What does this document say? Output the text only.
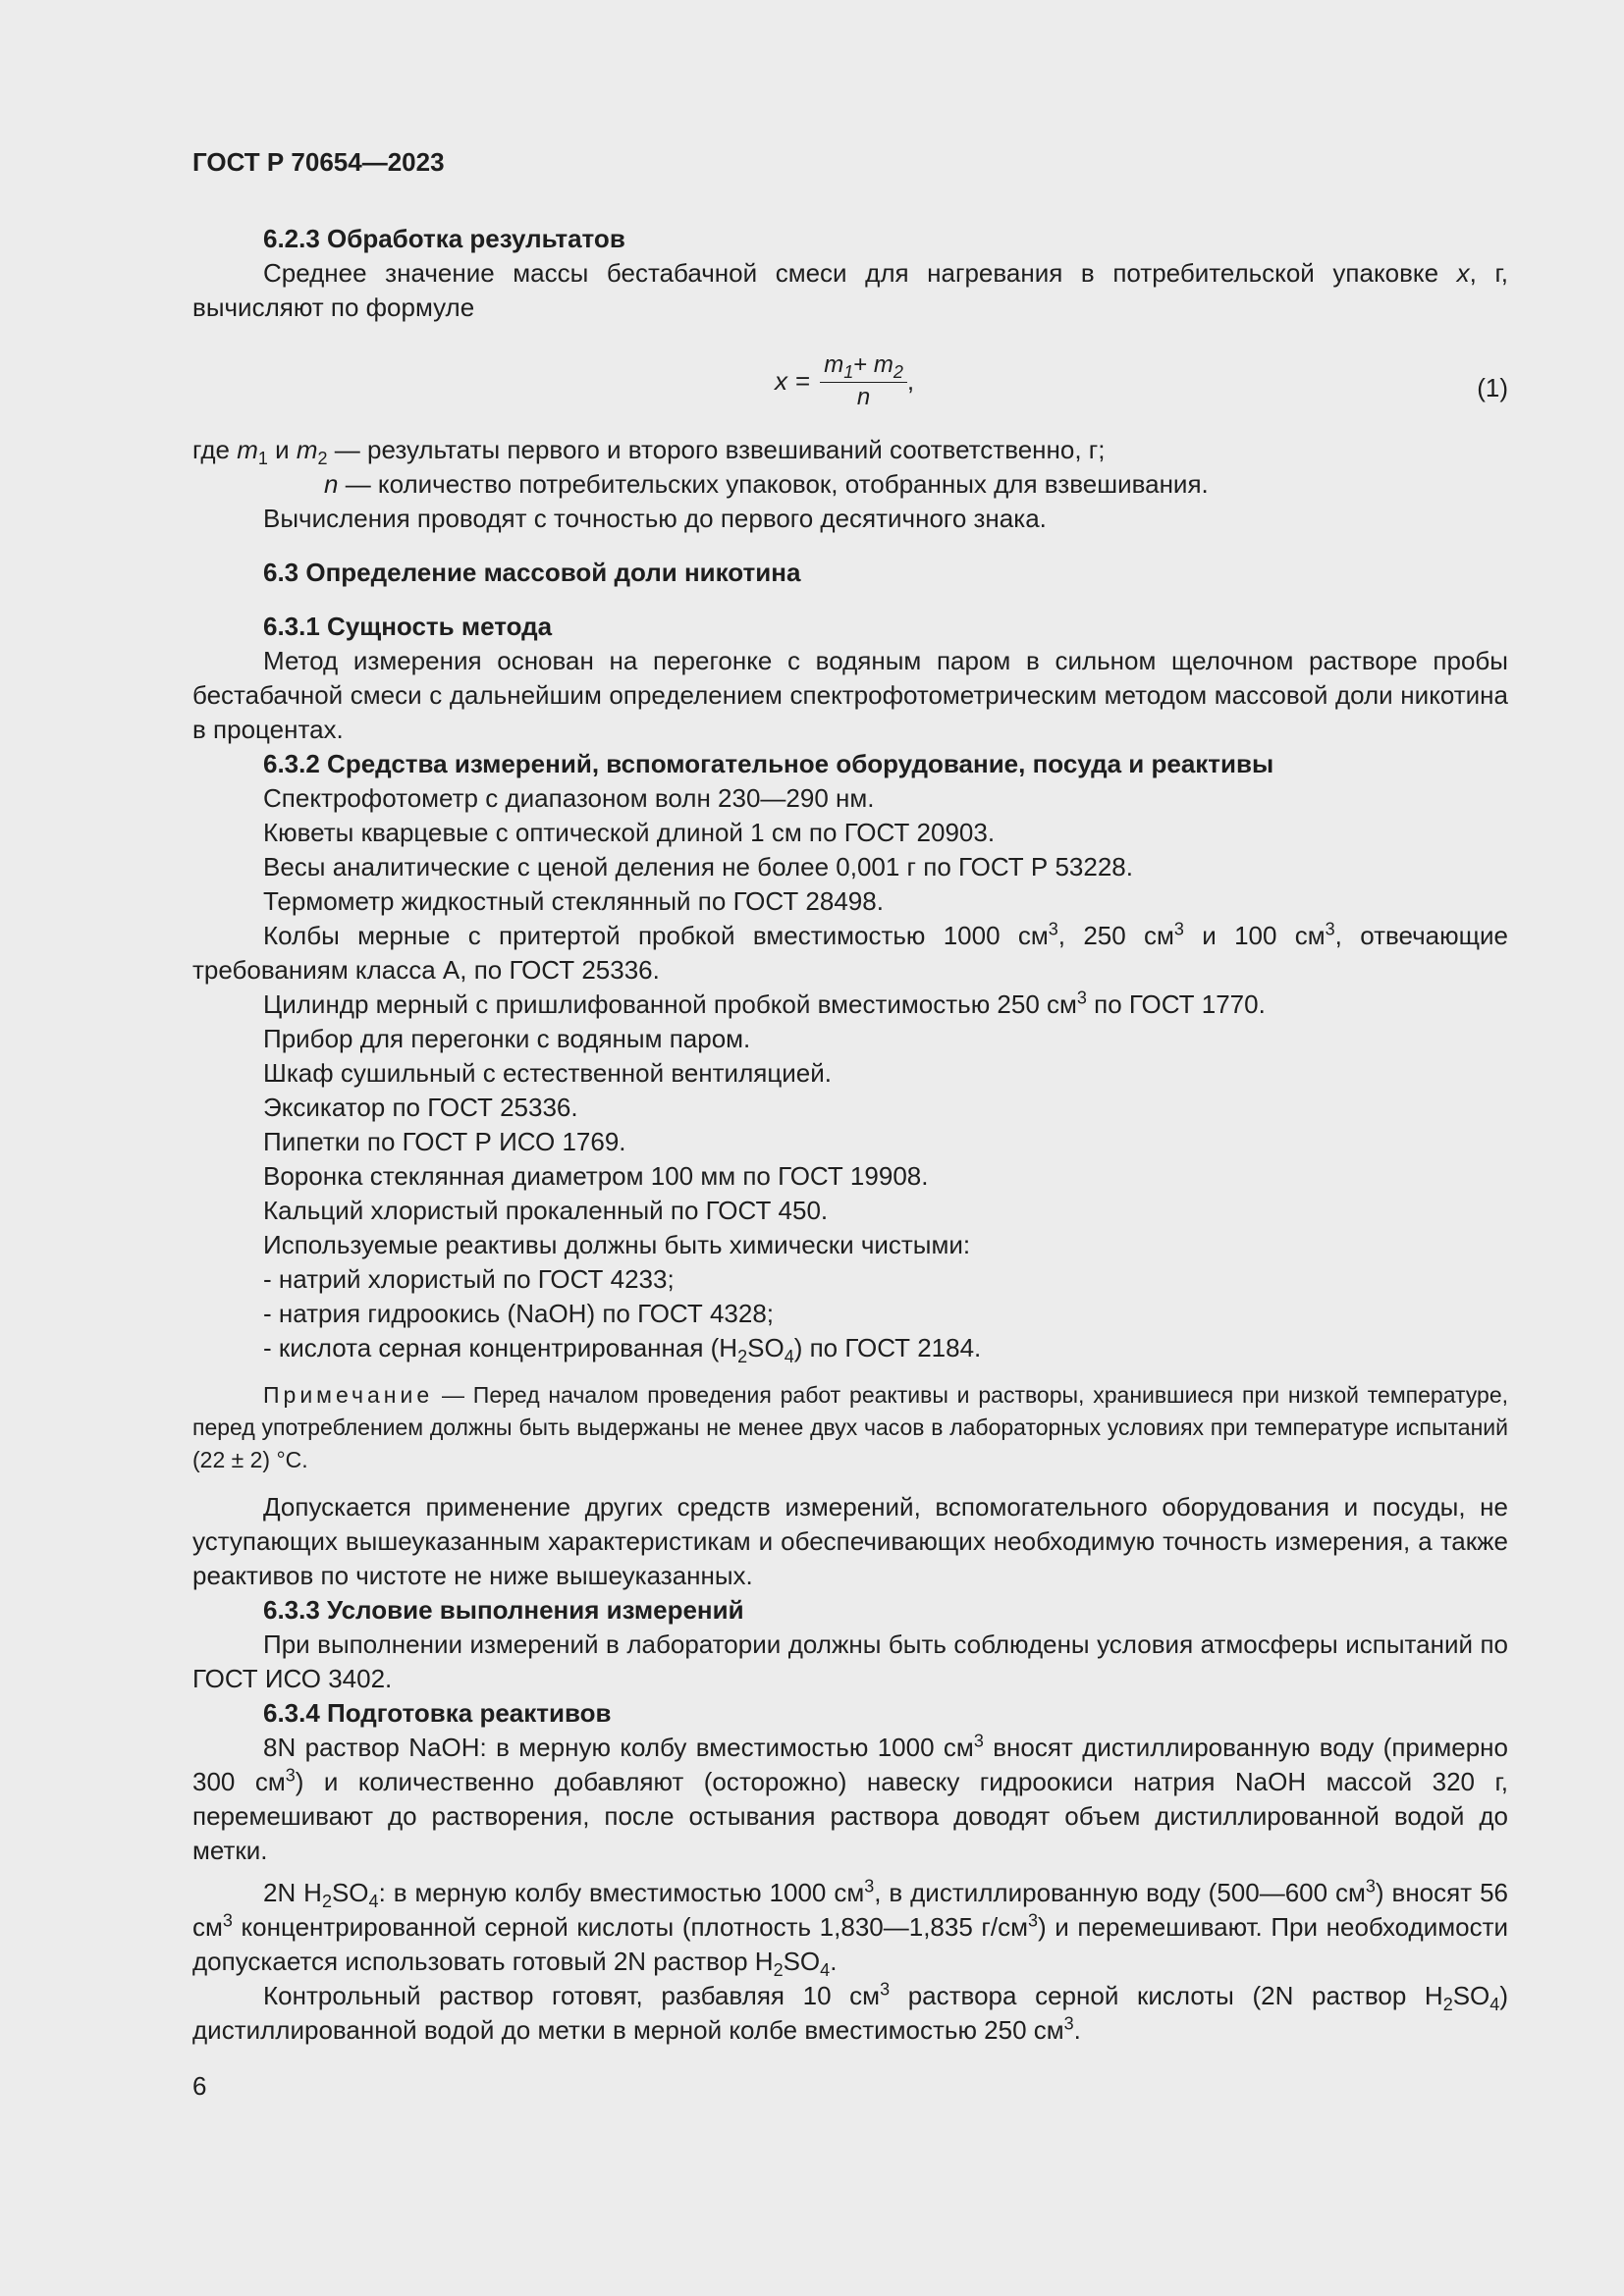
ГОСТ Р 70654—2023
6.2.3 Обработка результатов
Среднее значение массы бестабачной смеси для нагревания в потребительской упаковке x, г, вычисляют по формуле
$x = \frac{m_1+ m_2}{n}$ ,	(1)
где $m_1$ и $m_2$ — результаты первого и второго взвешиваний соответственно, г;
n — количество потребительских упаковок, отобранных для взвешивания.
Вычисления проводят с точностью до первого десятичного знака.
6.3 Определение массовой доли никотина
6.3.1 Сущность метода
Метод измерения основан на перегонке с водяным паром в сильном щелочном растворе пробы бестабачной смеси с дальнейшим определением спектрофотометрическим методом массовой доли никотина в процентах.
6.3.2 Средства измерений, вспомогательное оборудование, посуда и реактивы
Спектрофотометр с диапазоном волн 230—290 нм.
Кюветы кварцевые с оптической длиной 1 см по ГОСТ 20903.
Весы аналитические с ценой деления не более 0,001 г по ГОСТ Р 53228.
Термометр жидкостный стеклянный по ГОСТ 28498.
Колбы мерные с притертой пробкой вместимостью 1000 $см^3$, 250 $см^3$ и 100 $см^3$, отвечающие требованиям класса А, по ГОСТ 25336.
Цилиндр мерный с пришлифованной пробкой вместимостью 250 $см^3$ по ГОСТ 1770.
Прибор для перегонки с водяным паром.
Шкаф сушильный с естественной вентиляцией.
Эксикатор по ГОСТ 25336.
Пипетки по ГОСТ Р ИСО 1769.
Воронка стеклянная диаметром 100 мм по ГОСТ 19908.
Кальций хлористый прокаленный по ГОСТ 450.
Используемые реактивы должны быть химически чистыми:
- натрий хлористый по ГОСТ 4233;
- натрия гидроокись (NaOH) по ГОСТ 4328;
- кислота серная концентрированная $(H_2SO_4)$ по ГОСТ 2184.
Примечание — Перед началом проведения работ реактивы и растворы, хранившиеся при низкой температуре, перед употреблением должны быть выдержаны не менее двух часов в лабораторных условиях при температуре испытаний (22 ± 2) °С.
Допускается применение других средств измерений, вспомогательного оборудования и посуды, не уступающих вышеуказанным характеристикам и обеспечивающих необходимую точность измерения, а также реактивов по чистоте не ниже вышеуказанных.
6.3.3 Условие выполнения измерений
При выполнении измерений в лаборатории должны быть соблюдены условия атмосферы испытаний по ГОСТ ИСО 3402.
6.3.4 Подготовка реактивов
8N раствор NaOH: в мерную колбу вместимостью 1000 $см^3$ вносят дистиллированную воду (примерно 300 $см^3$) и количественно добавляют (осторожно) навеску гидроокиси натрия NaOH массой 320 г, перемешивают до растворения, после остывания раствора доводят объем дистиллированной водой до метки.
2N $H_2SO_4$: в мерную колбу вместимостью 1000 $см^3$, в дистиллированную воду (500—600 $см^3$) вносят 56 $см^3$ концентрированной серной кислоты (плотность 1,830—1,835 $г/см^3$) и перемешивают. При необходимости допускается использовать готовый 2N раствор $H_2SO_4$.
Контрольный раствор готовят, разбавляя 10 $см^3$ раствора серной кислоты (2N раствор $H_2SO_4$) дистиллированной водой до метки в мерной колбе вместимостью 250 $см^3$.
6
